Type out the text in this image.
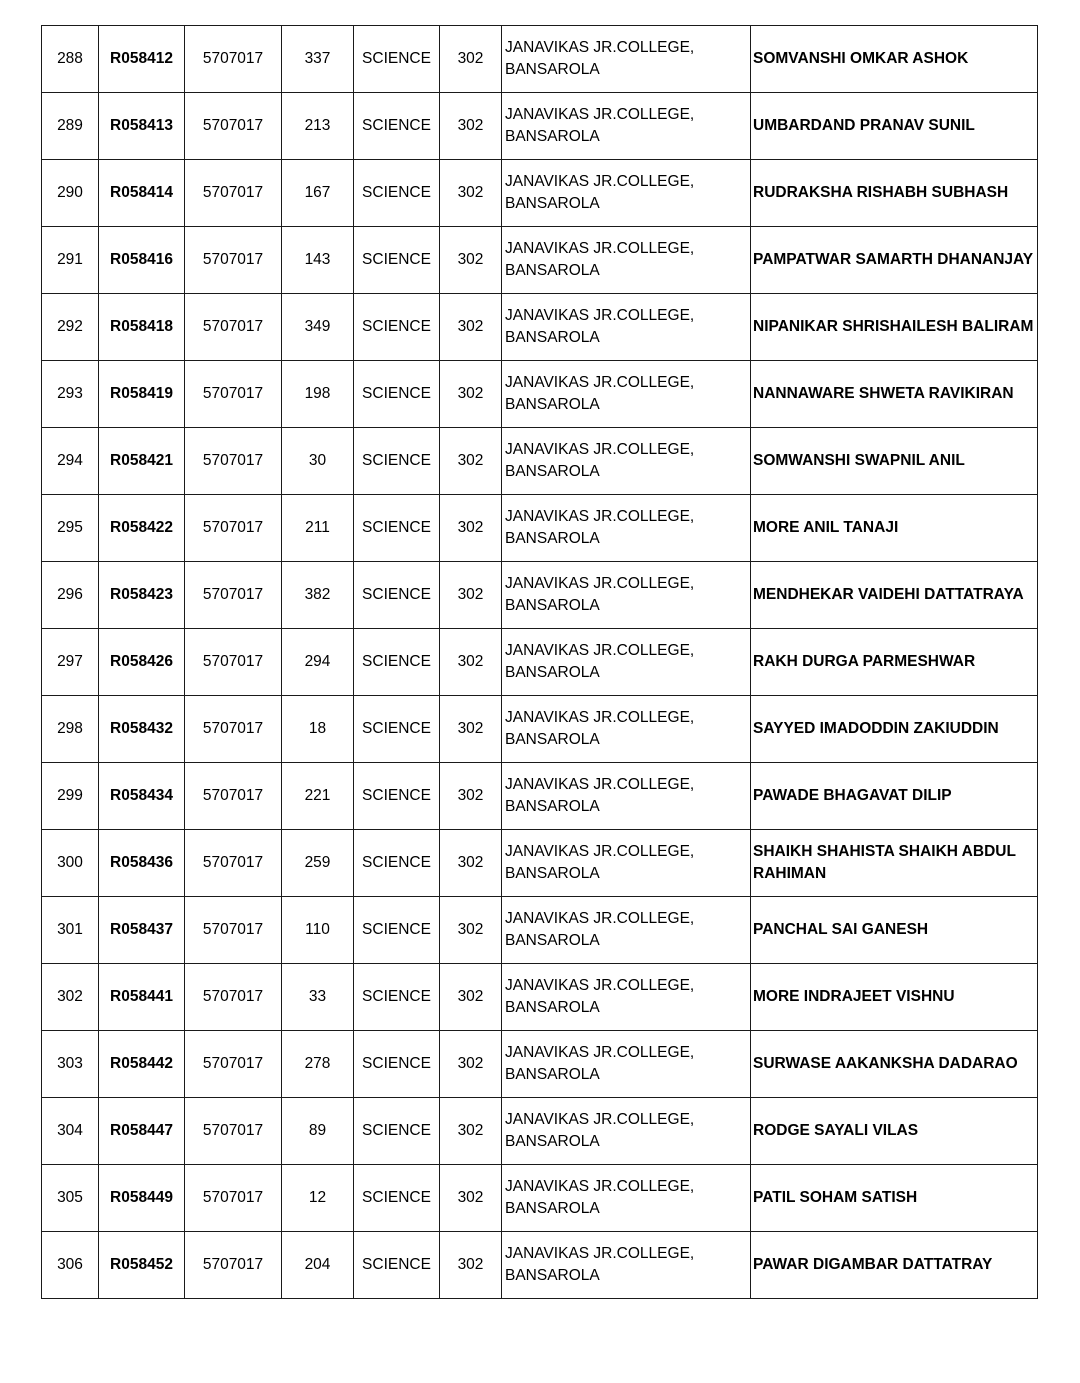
288	R058412	5707017	337	SCIENCE	302	JANAVIKAS JR.COLLEGE,
BANSAROLA	SOMVANSHI OMKAR ASHOK
289	R058413	5707017	213	SCIENCE	302	JANAVIKAS JR.COLLEGE,
BANSAROLA	UMBARDAND PRANAV SUNIL
290	R058414	5707017	167	SCIENCE	302	JANAVIKAS JR.COLLEGE,
BANSAROLA	RUDRAKSHA RISHABH SUBHASH
291	R058416	5707017	143	SCIENCE	302	JANAVIKAS JR.COLLEGE,
BANSAROLA	PAMPATWAR SAMARTH DHANANJAY
292	R058418	5707017	349	SCIENCE	302	JANAVIKAS JR.COLLEGE,
BANSAROLA	NIPANIKAR SHRISHAILESH BALIRAM
293	R058419	5707017	198	SCIENCE	302	JANAVIKAS JR.COLLEGE,
BANSAROLA	NANNAWARE SHWETA RAVIKIRAN
294	R058421	5707017	30	SCIENCE	302	JANAVIKAS JR.COLLEGE,
BANSAROLA	SOMWANSHI SWAPNIL ANIL
295	R058422	5707017	211	SCIENCE	302	JANAVIKAS JR.COLLEGE,
BANSAROLA	MORE ANIL TANAJI
296	R058423	5707017	382	SCIENCE	302	JANAVIKAS JR.COLLEGE,
BANSAROLA	MENDHEKAR VAIDEHI DATTATRAYA
297	R058426	5707017	294	SCIENCE	302	JANAVIKAS JR.COLLEGE,
BANSAROLA	RAKH DURGA PARMESHWAR
298	R058432	5707017	18	SCIENCE	302	JANAVIKAS JR.COLLEGE,
BANSAROLA	SAYYED IMADODDIN ZAKIUDDIN
299	R058434	5707017	221	SCIENCE	302	JANAVIKAS JR.COLLEGE,
BANSAROLA	PAWADE BHAGAVAT DILIP
300	R058436	5707017	259	SCIENCE	302	JANAVIKAS JR.COLLEGE,
BANSAROLA	SHAIKH SHAHISTA SHAIKH ABDUL RAHIMAN
301	R058437	5707017	110	SCIENCE	302	JANAVIKAS JR.COLLEGE,
BANSAROLA	PANCHAL SAI GANESH
302	R058441	5707017	33	SCIENCE	302	JANAVIKAS JR.COLLEGE,
BANSAROLA	MORE INDRAJEET VISHNU
303	R058442	5707017	278	SCIENCE	302	JANAVIKAS JR.COLLEGE,
BANSAROLA	SURWASE AAKANKSHA DADARAO
304	R058447	5707017	89	SCIENCE	302	JANAVIKAS JR.COLLEGE,
BANSAROLA	RODGE SAYALI VILAS
305	R058449	5707017	12	SCIENCE	302	JANAVIKAS JR.COLLEGE,
BANSAROLA	PATIL SOHAM SATISH
306	R058452	5707017	204	SCIENCE	302	JANAVIKAS JR.COLLEGE,
BANSAROLA	PAWAR DIGAMBAR DATTATRAY
